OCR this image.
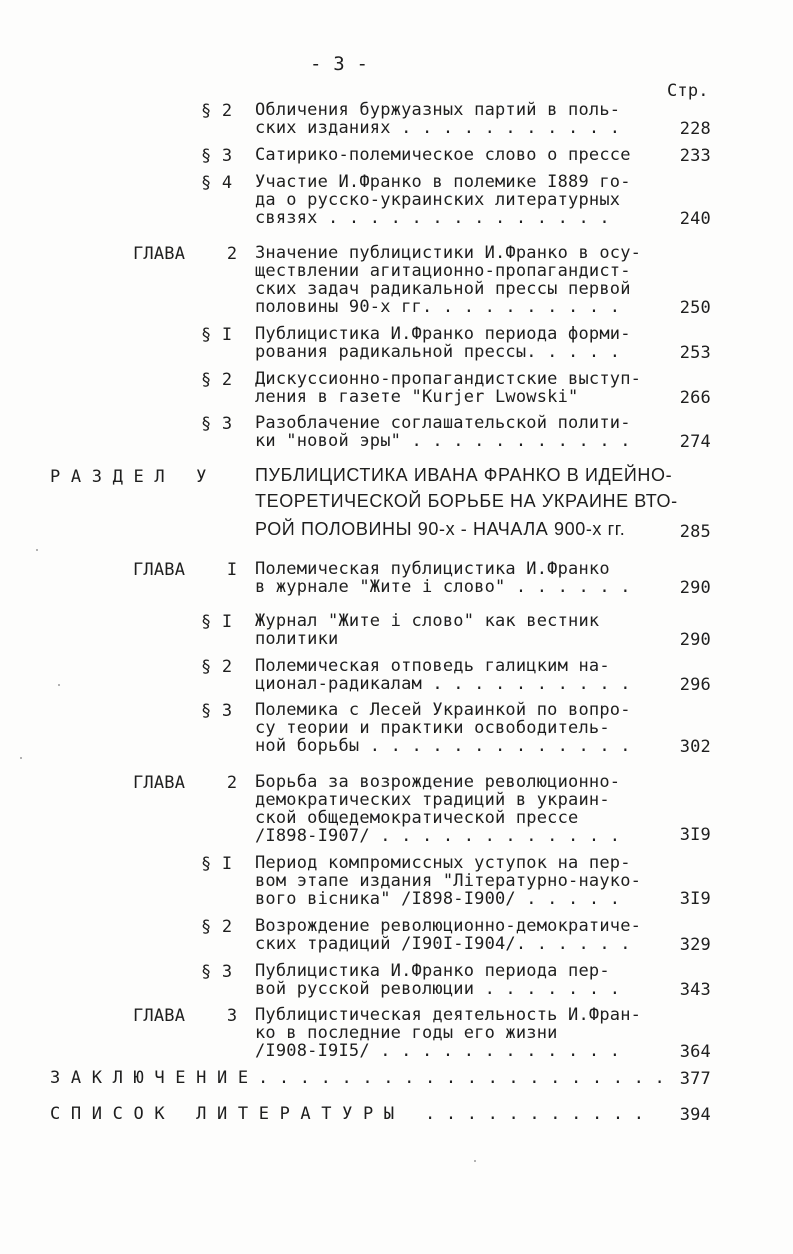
- 3 -
Стр.
§ 2 Обличения буржуазных партий в поль-
ских изданиях . . . . . . . . . . .	228
§ 3 Сатирико-полемическое слово о прессе	233
§ 4 Участие И.Франко в полемике I889 го-
да о русско-украинских литературных
связях . . . . . . . . . . . . . .	240
ГЛАВА    2 Значение публицистики И.Франко в осу-
ществлении агитационно-пропагандист-
ских задач радикальной прессы первой
половины 90-х гг. . . . . . . . . .	250
§ I Публицистика И.Франко периода форми-
рования радикальной прессы. . . . .	253
§ 2 Дискуссионно-пропагандистские выступ-
ления в газете "Kurjer Lwowski"	266
§ 3 Разоблачение соглашательской полити-
ки "новой эры" . . . . . . . . . . .	274
Р А З Д Е Л   У	ПУБЛИЦИСТИКА ИВАНА ФРАНКО В ИДЕЙНО-
ТЕОРЕТИЧЕСКОЙ БОРЬБЕ НА УКРАИНЕ ВТО-
РОЙ ПОЛОВИНЫ 90-х - НАЧАЛА 900-х гг.	285
ГЛАВА    I Полемическая публицистика И.Франко
в журнале "Жите і слово" . . . . . .	290
§ I Журнал "Жите і слово" как вестник
политики	290
§ 2 Полемическая отповедь галицким на-
ционал-радикалам . . . . . . . . . .	296
§ 3 Полемика с Лесей Украинкой по вопро-
су теории и практики освободитель-
ной борьбы . . . . . . . . . . . . .	302
ГЛАВА    2 Борьба за возрождение революционно-
демократических традиций в украин-
ской общедемократической прессе
/I898-I907/ . . . . . . . . . . . .	3I9
§ I Период компромиссных уступок на пер-
вом этапе издания "Літературно-науко-
вого вісника" /I898-I900/ . . . . .	3I9
§ 2 Возрождение революционно-демократиче-
ских традиций /I90I-I904/. . . . . .	329
§ 3 Публицистика И.Франко периода пер-
вой русской революции . . . . . . .	343
ГЛАВА    3 Публицистическая деятельность И.Фран-
ко в последние годы его жизни
/I908-I9I5/ . . . . . . . . . . . .	364
З А К Л Ю Ч Е Н И Е . . . . . . . . . . . . . . . . . . . . 377
С П И С О К   Л И Т Е Р А Т У Р Ы . . . . . . . . . . . 394
